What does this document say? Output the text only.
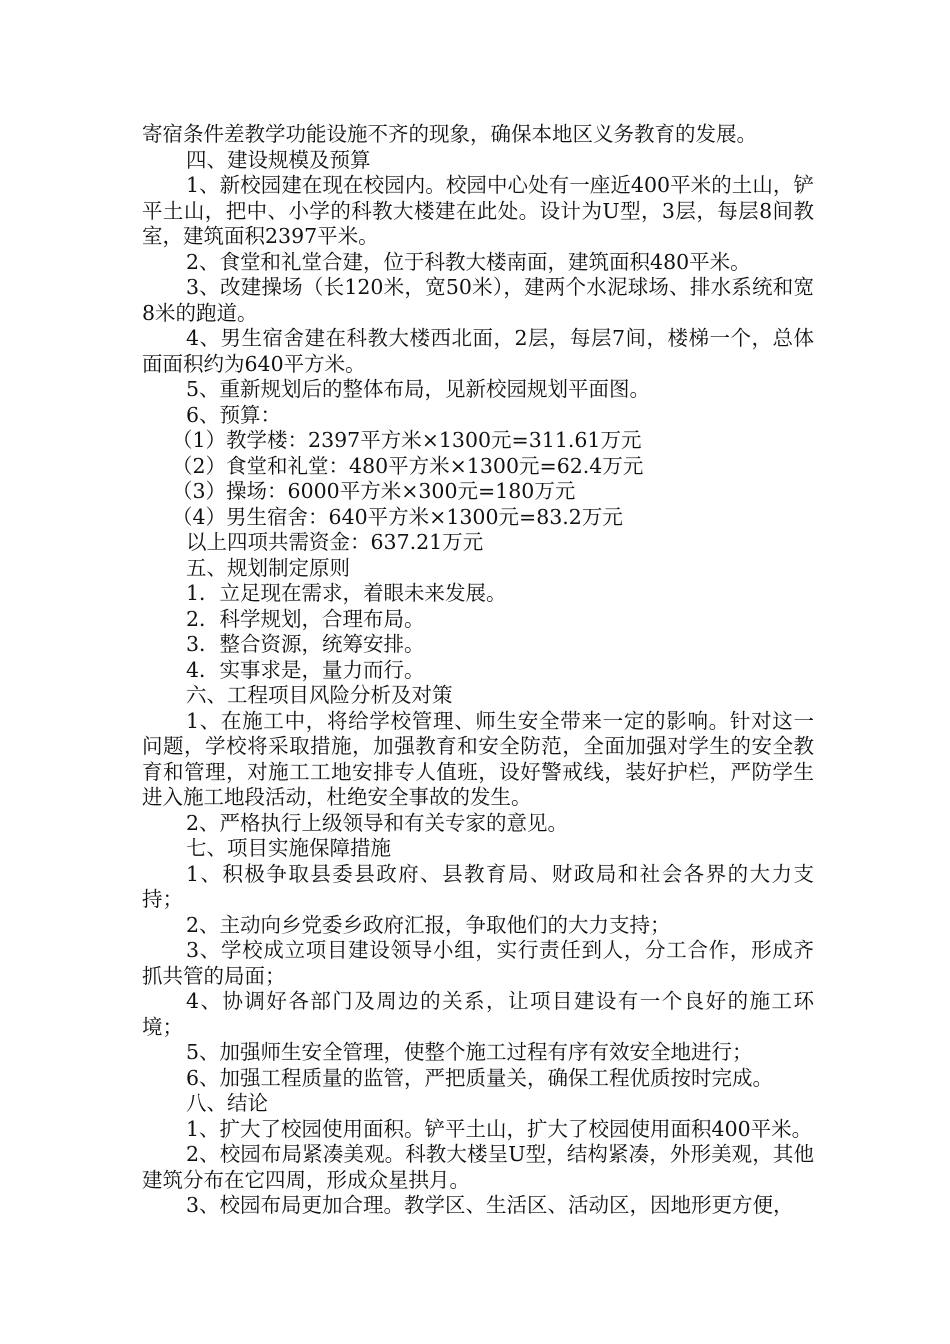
寄宿条件差教学功能设施不齐的现象，确保本地区义务教育的发展。

四、建设规模及预算

1、新校园建在现在校园内。校园中心处有一座近400平米的土山，铲平土山，把中、小学的科教大楼建在此处。设计为U型，3层，每层8间教室，建筑面积2397平米。

2、食堂和礼堂合建，位于科教大楼南面，建筑面积480平米。

3、改建操场（长120米，宽50米），建两个水泥球场、排水系统和宽8米的跑道。

4、男生宿舍建在科教大楼西北面，2层，每层7间，楼梯一个，总体面面积约为640平方米。

5、重新规划后的整体布局，见新校园规划平面图。

6、预算：

（1）教学楼：2397平方米×1300元=311.61万元

（2）食堂和礼堂：480平方米×1300元=62.4万元

（3）操场：6000平方米×300元=180万元

（4）男生宿舍：640平方米×1300元=83.2万元

以上四项共需资金：637.21万元

五、规划制定原则

1．立足现在需求，着眼未来发展。

2．科学规划，合理布局。

3．整合资源，统筹安排。

4．实事求是，量力而行。

六、工程项目风险分析及对策

1、在施工中，将给学校管理、师生安全带来一定的影响。针对这一问题，学校将采取措施，加强教育和安全防范，全面加强对学生的安全教育和管理，对施工工地安排专人值班，设好警戒线，装好护栏，严防学生进入施工地段活动，杜绝安全事故的发生。

2、严格执行上级领导和有关专家的意见。

七、项目实施保障措施

1、积极争取县委县政府、县教育局、财政局和社会各界的大力支持；

2、主动向乡党委乡政府汇报，争取他们的大力支持；

3、学校成立项目建设领导小组，实行责任到人，分工合作，形成齐抓共管的局面；

4、协调好各部门及周边的关系，让项目建设有一个良好的施工环境；

5、加强师生安全管理，使整个施工过程有序有效安全地进行；

6、加强工程质量的监管，严把质量关，确保工程优质按时完成。

八、结论

1、扩大了校园使用面积。铲平土山，扩大了校园使用面积400平米。

2、校园布局紧凑美观。科教大楼呈U型，结构紧凑，外形美观，其他建筑分布在它四周，形成众星拱月。

3、校园布局更加合理。教学区、生活区、活动区，因地形更方便，
